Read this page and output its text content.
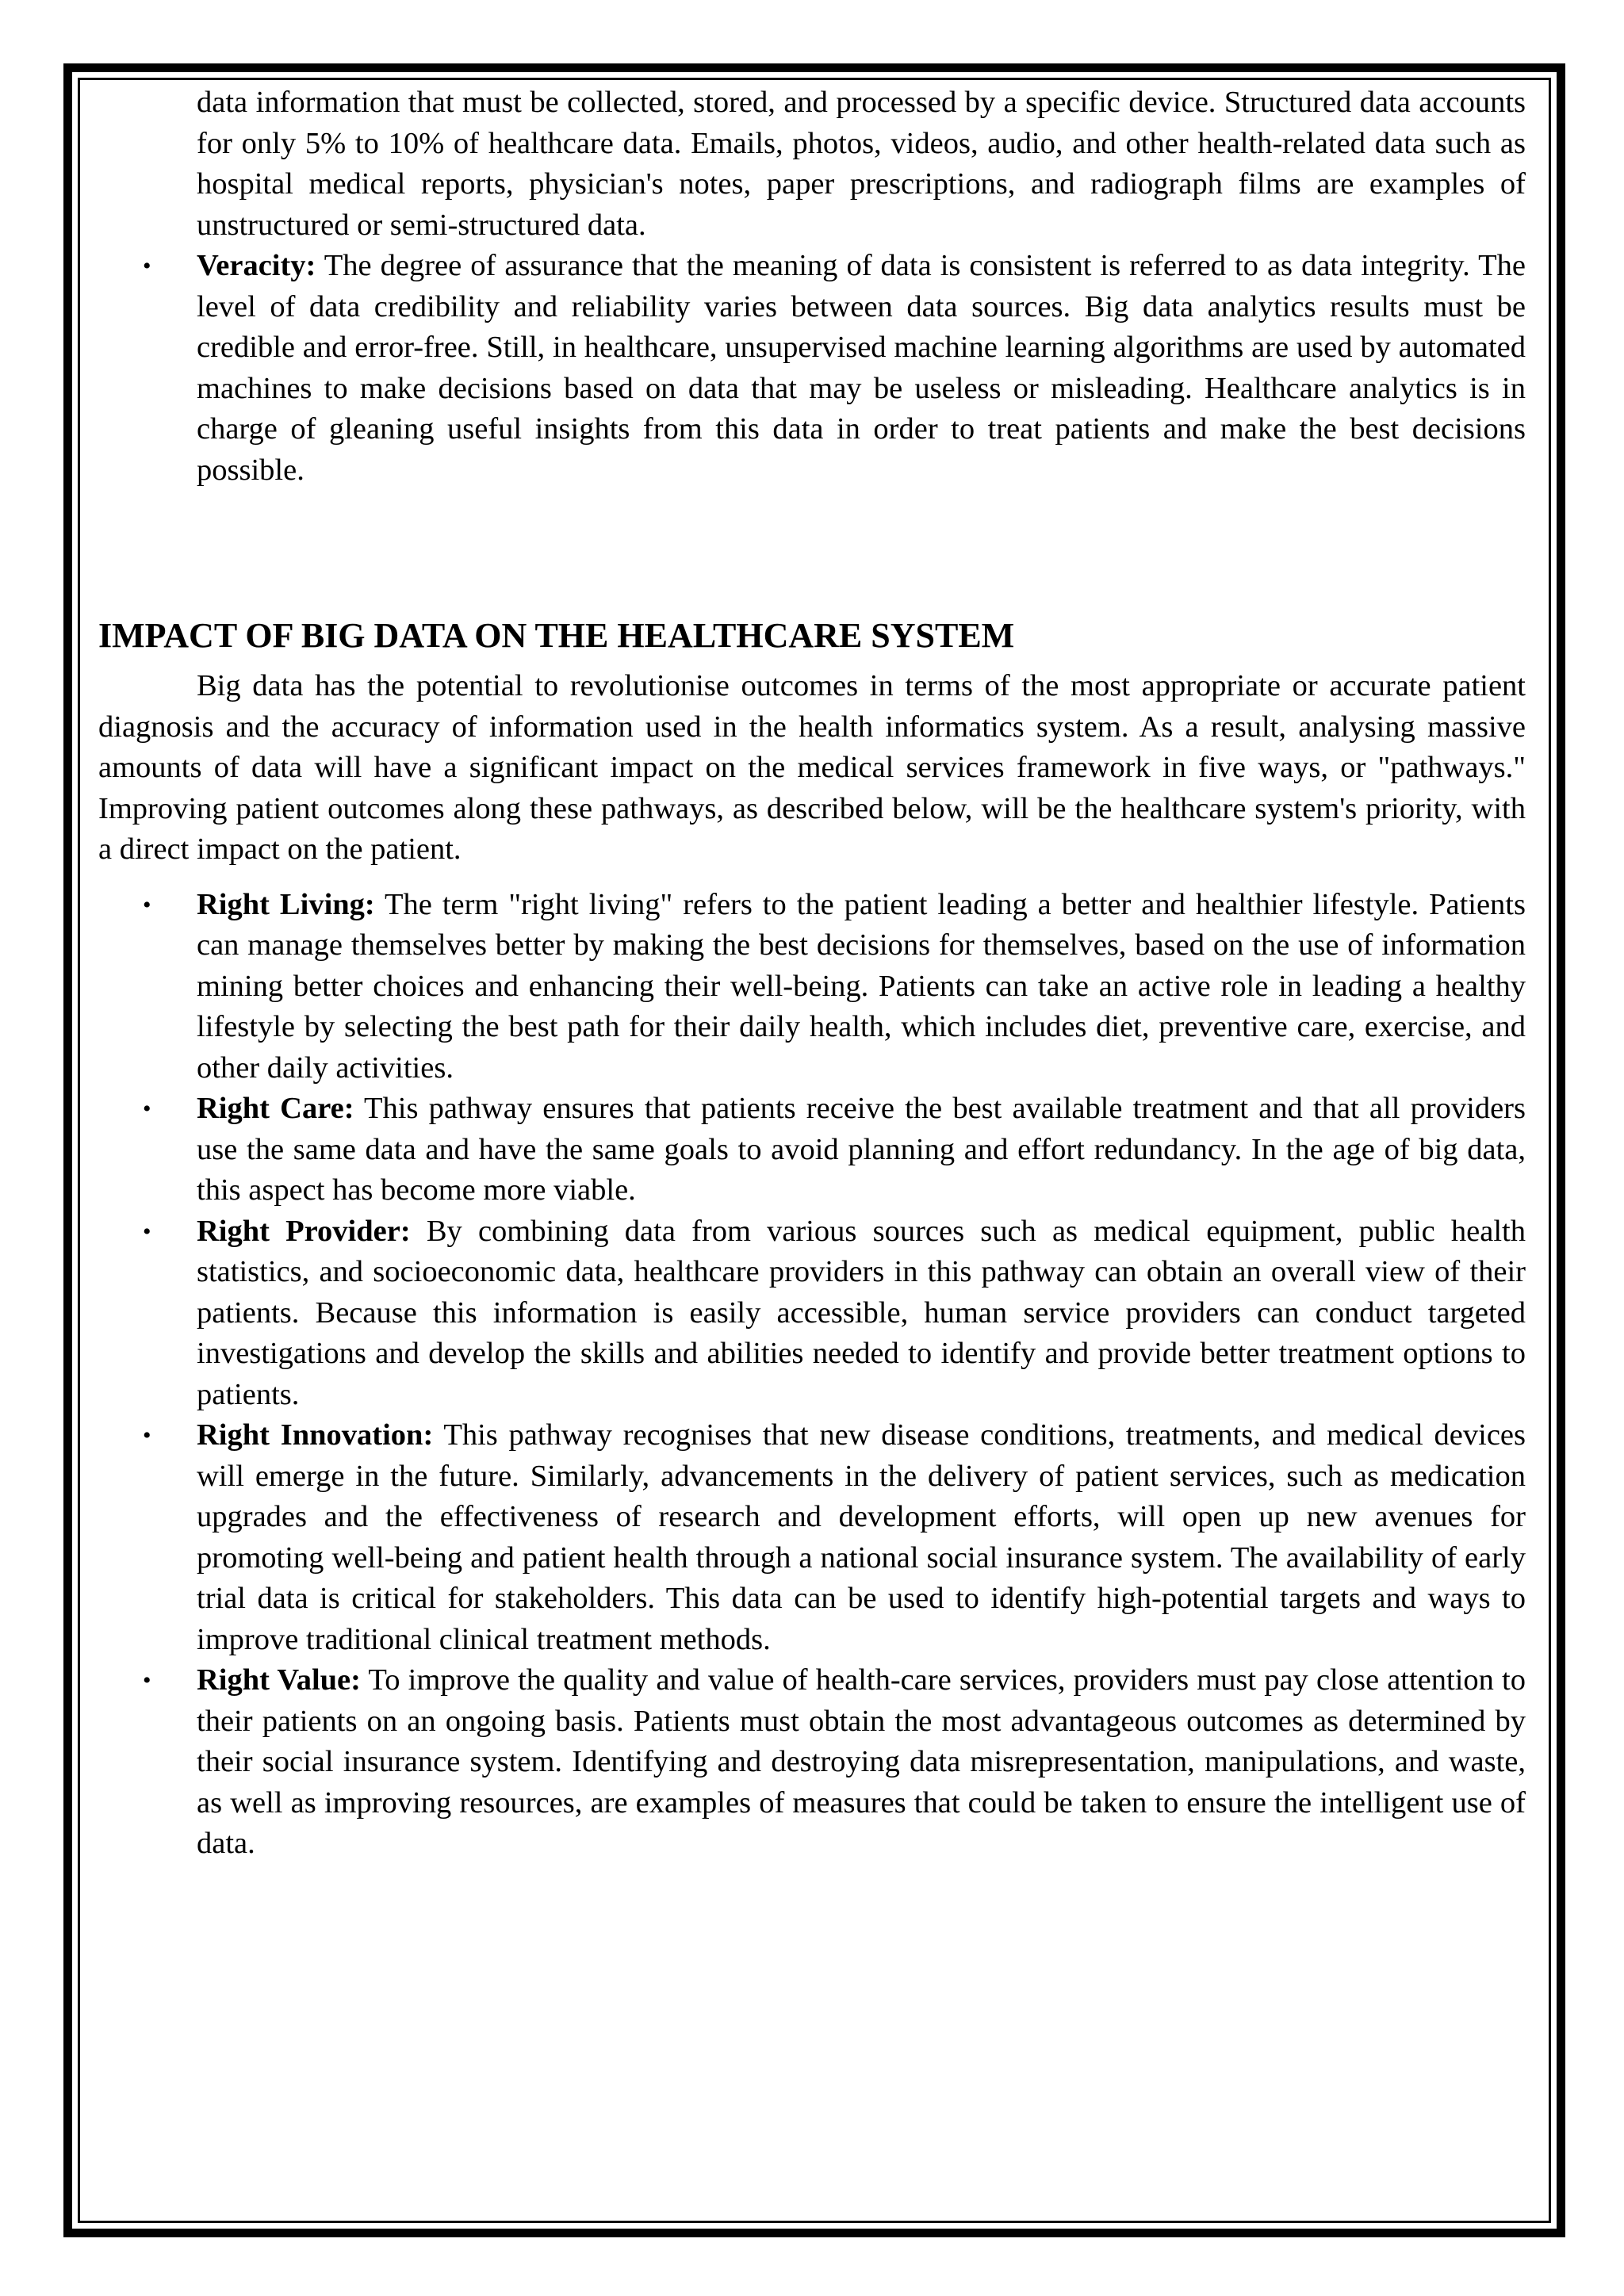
data information that must be collected, stored, and processed by a specific device. Structured data accounts for only 5% to 10% of healthcare data. Emails, photos, videos, audio, and other health-related data such as hospital medical reports, physician's notes, paper prescriptions, and radiograph films are examples of unstructured or semi-structured data.

• Veracity: The degree of assurance that the meaning of data is consistent is referred to as data integrity. The level of data credibility and reliability varies between data sources. Big data analytics results must be credible and error-free. Still, in healthcare, unsupervised machine learning algorithms are used by automated machines to make decisions based on data that may be useless or misleading. Healthcare analytics is in charge of gleaning useful insights from this data in order to treat patients and make the best decisions possible.
IMPACT OF BIG DATA ON THE HEALTHCARE SYSTEM

Big data has the potential to revolutionise outcomes in terms of the most appropriate or accurate patient diagnosis and the accuracy of information used in the health informatics system. As a result, analysing massive amounts of data will have a significant impact on the medical services framework in five ways, or "pathways." Improving patient outcomes along these pathways, as described below, will be the healthcare system's priority, with a direct impact on the patient.

• Right Living: The term "right living" refers to the patient leading a better and healthier lifestyle. Patients can manage themselves better by making the best decisions for themselves, based on the use of information mining better choices and enhancing their well-being. Patients can take an active role in leading a healthy lifestyle by selecting the best path for their daily health, which includes diet, preventive care, exercise, and other daily activities.
• Right Care: This pathway ensures that patients receive the best available treatment and that all providers use the same data and have the same goals to avoid planning and effort redundancy. In the age of big data, this aspect has become more viable.
• Right Provider: By combining data from various sources such as medical equipment, public health statistics, and socioeconomic data, healthcare providers in this pathway can obtain an overall view of their patients. Because this information is easily accessible, human service providers can conduct targeted investigations and develop the skills and abilities needed to identify and provide better treatment options to patients.
• Right Innovation: This pathway recognises that new disease conditions, treatments, and medical devices will emerge in the future. Similarly, advancements in the delivery of patient services, such as medication upgrades and the effectiveness of research and development efforts, will open up new avenues for promoting well-being and patient health through a national social insurance system. The availability of early trial data is critical for stakeholders. This data can be used to identify high-potential targets and ways to improve traditional clinical treatment methods.
• Right Value: To improve the quality and value of health-care services, providers must pay close attention to their patients on an ongoing basis. Patients must obtain the most advantageous outcomes as determined by their social insurance system. Identifying and destroying data misrepresentation, manipulations, and waste, as well as improving resources, are examples of measures that could be taken to ensure the intelligent use of data.
